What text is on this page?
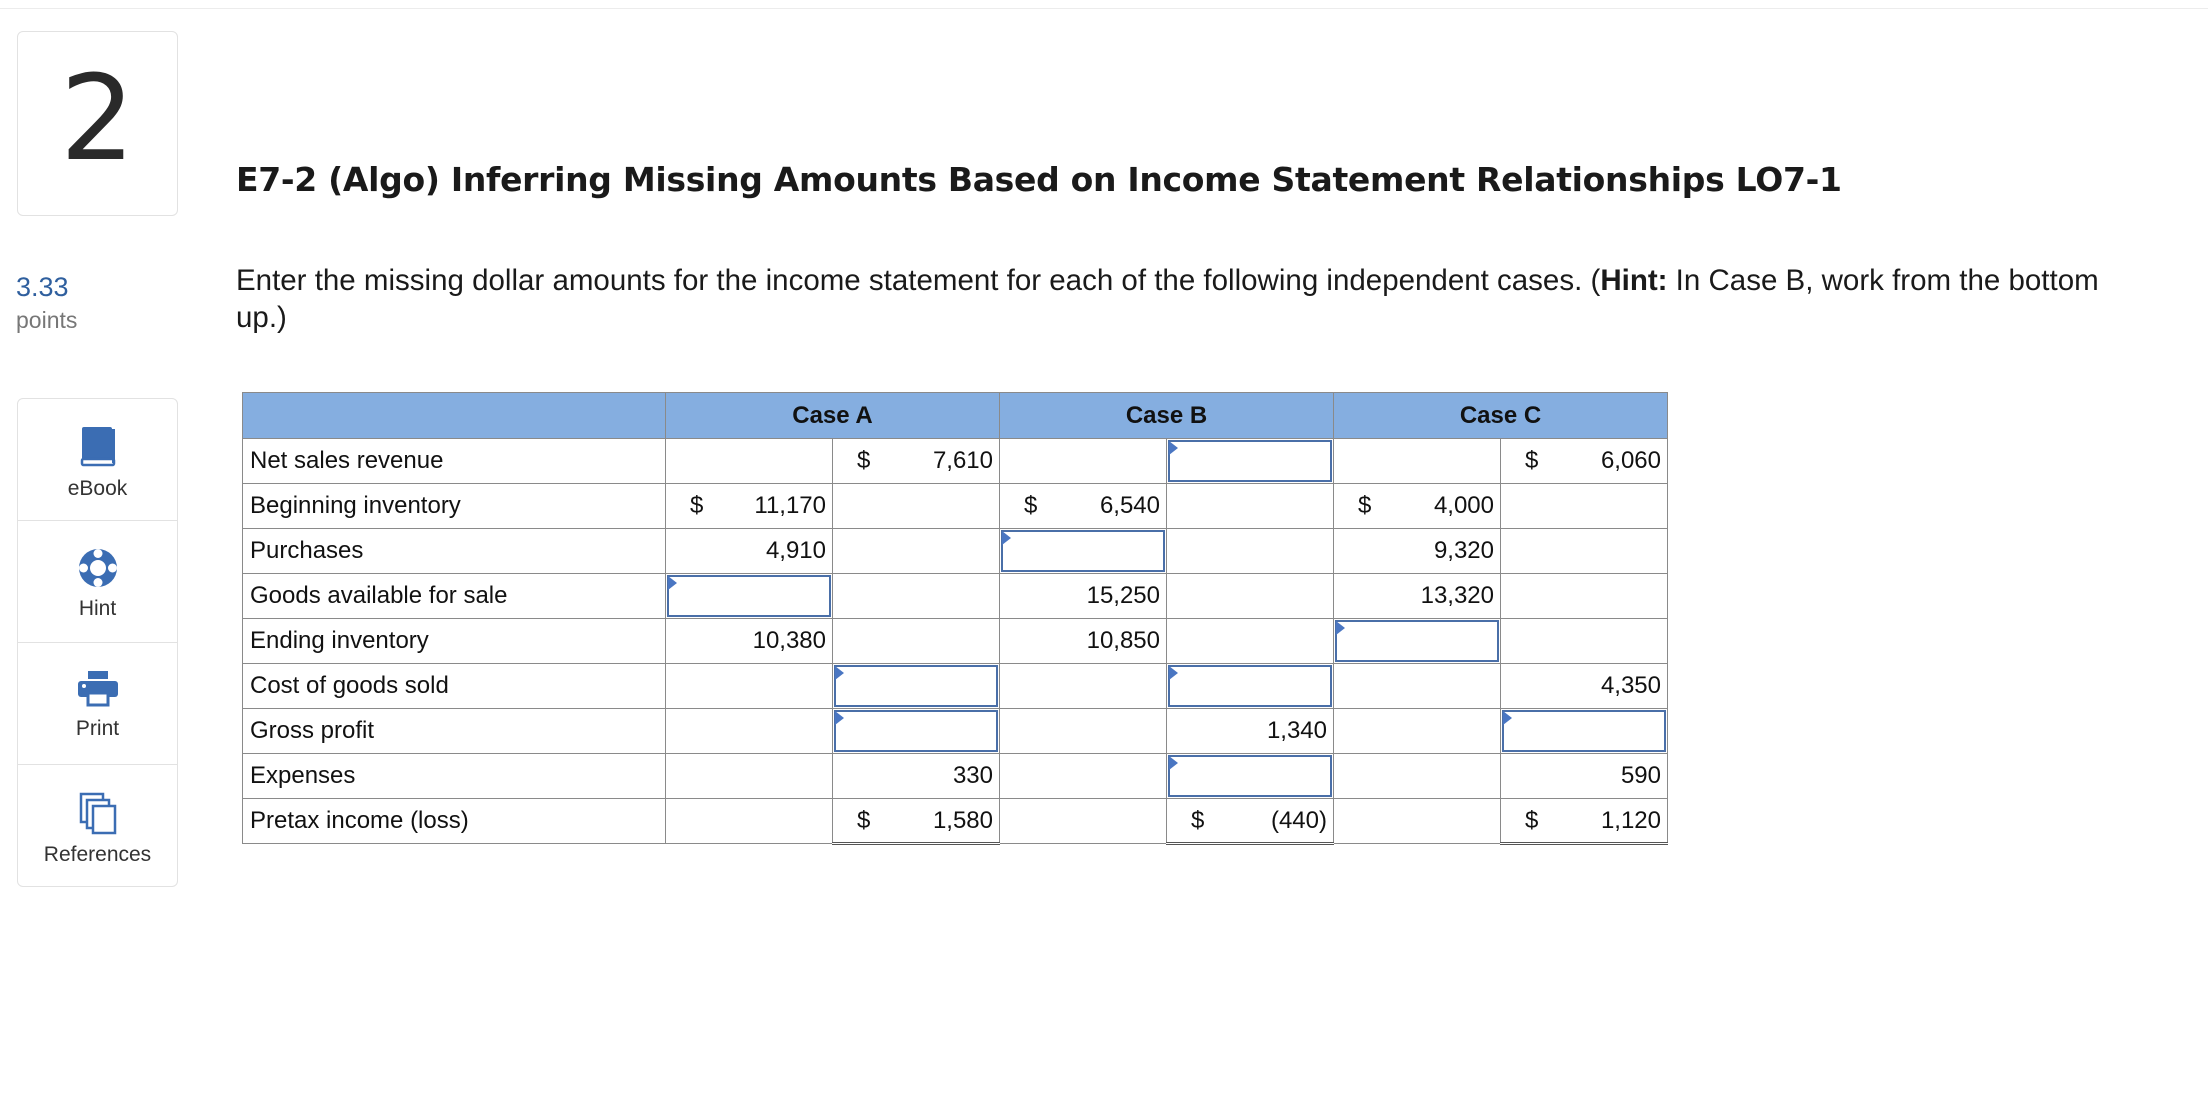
2
3.33
points
eBook
Hint
Print
References
E7-2 (Algo) Inferring Missing Amounts Based on Income Statement Relationships LO7-1

Enter the missing dollar amounts for the income statement for each of the following independent cases. (Hint: In Case B, work from the bottom up.)

	Case A		Case B		Case C	
Net sales revenue		$ 7,610				$ 6,060

Beginning inventory	$ 11,170		$ 6,540		$ 4,000	

Purchases	4,910				9,320	

Goods available for sale			15,250		13,320	

Ending inventory	10,380		10,850			

Cost of goods sold						4,350

Gross profit				1,340		

Expenses		330				590

Pretax income (loss)		$ 1,580		$ (440)		$ 1,120
